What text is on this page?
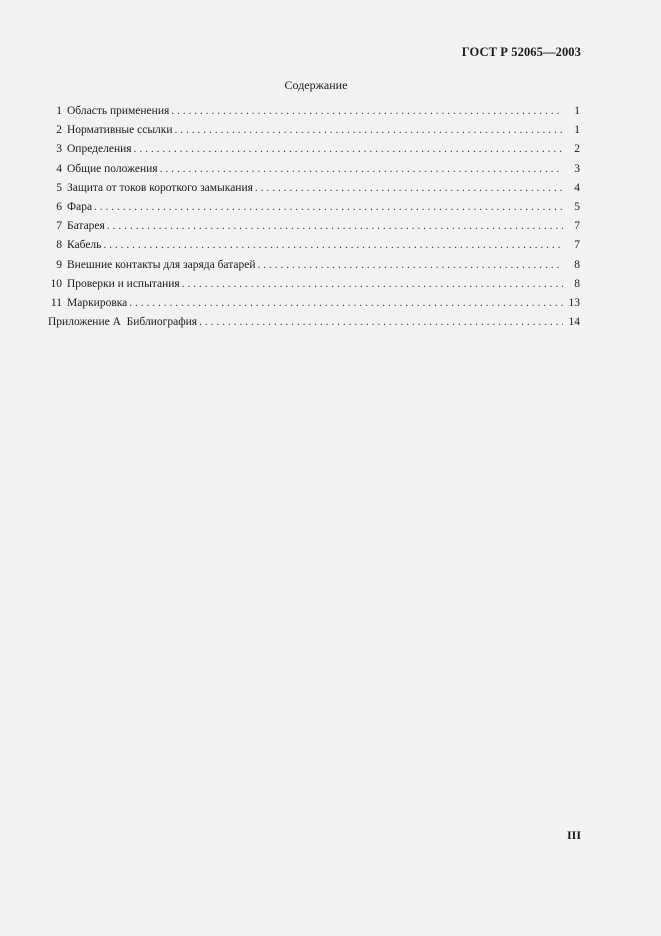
ГОСТ Р 52065—2003
Содержание
1 Область применения . . .	1
2 Нормативные ссылки . . .	1
3 Определения . . .	2
4 Общие положения . . .	3
5 Защита от токов короткого замыкания . . .	4
6 Фара . . .	5
7 Батарея . . .	7
8 Кабель . . .	7
9 Внешние контакты для заряда батарей . . .	8
10 Проверки и испытания . . .	8
11 Маркировка . . .	13
Приложение А  Библиография . . .	14
III
